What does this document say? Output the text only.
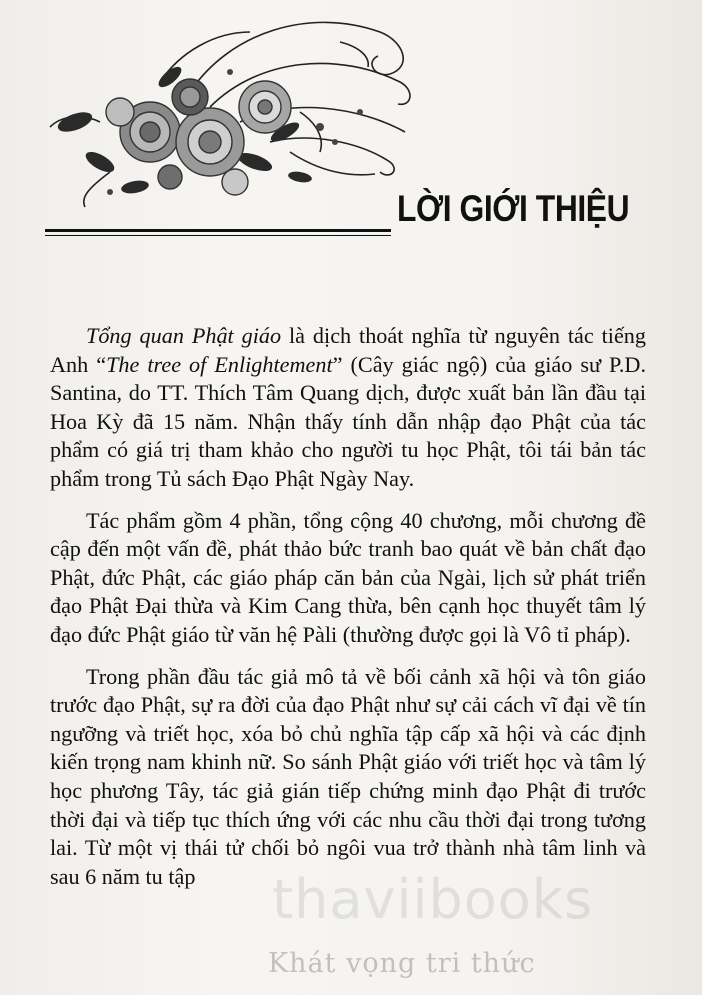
LỜI GIỚI THIỆU

Tổng quan Phật giáo là dịch thoát nghĩa từ nguyên tác tiếng Anh “The tree of Enlightement” (Cây giác ngộ) của giáo sư P.D. Santina, do TT. Thích Tâm Quang dịch, được xuất bản lần đầu tại Hoa Kỳ đã 15 năm. Nhận thấy tính dẫn nhập đạo Phật của tác phẩm có giá trị tham khảo cho người tu học Phật, tôi tái bản tác phẩm trong Tủ sách Đạo Phật Ngày Nay.

Tác phẩm gồm 4 phần, tổng cộng 40 chương, mỗi chương đề cập đến một vấn đề, phát thảo bức tranh bao quát về bản chất đạo Phật, đức Phật, các giáo pháp căn bản của Ngài, lịch sử phát triển đạo Phật Đại thừa và Kim Cang thừa, bên cạnh học thuyết tâm lý đạo đức Phật giáo từ văn hệ Pàli (thường được gọi là Vô tỉ pháp).

Trong phần đầu tác giả mô tả về bối cảnh xã hội và tôn giáo trước đạo Phật, sự ra đời của đạo Phật như sự cải cách vĩ đại về tín ngưỡng và triết học, xóa bỏ chủ nghĩa tập cấp xã hội và các định kiến trọng nam khinh nữ. So sánh Phật giáo với triết học và tâm lý học phương Tây, tác giả gián tiếp chứng minh đạo Phật đi trước thời đại và tiếp tục thích ứng với các nhu cầu thời đại trong tương lai. Từ một vị thái tử chối bỏ ngôi vua trở thành nhà tâm linh và sau 6 năm tu tập	thaviibooks
Khát vọng tri thức
